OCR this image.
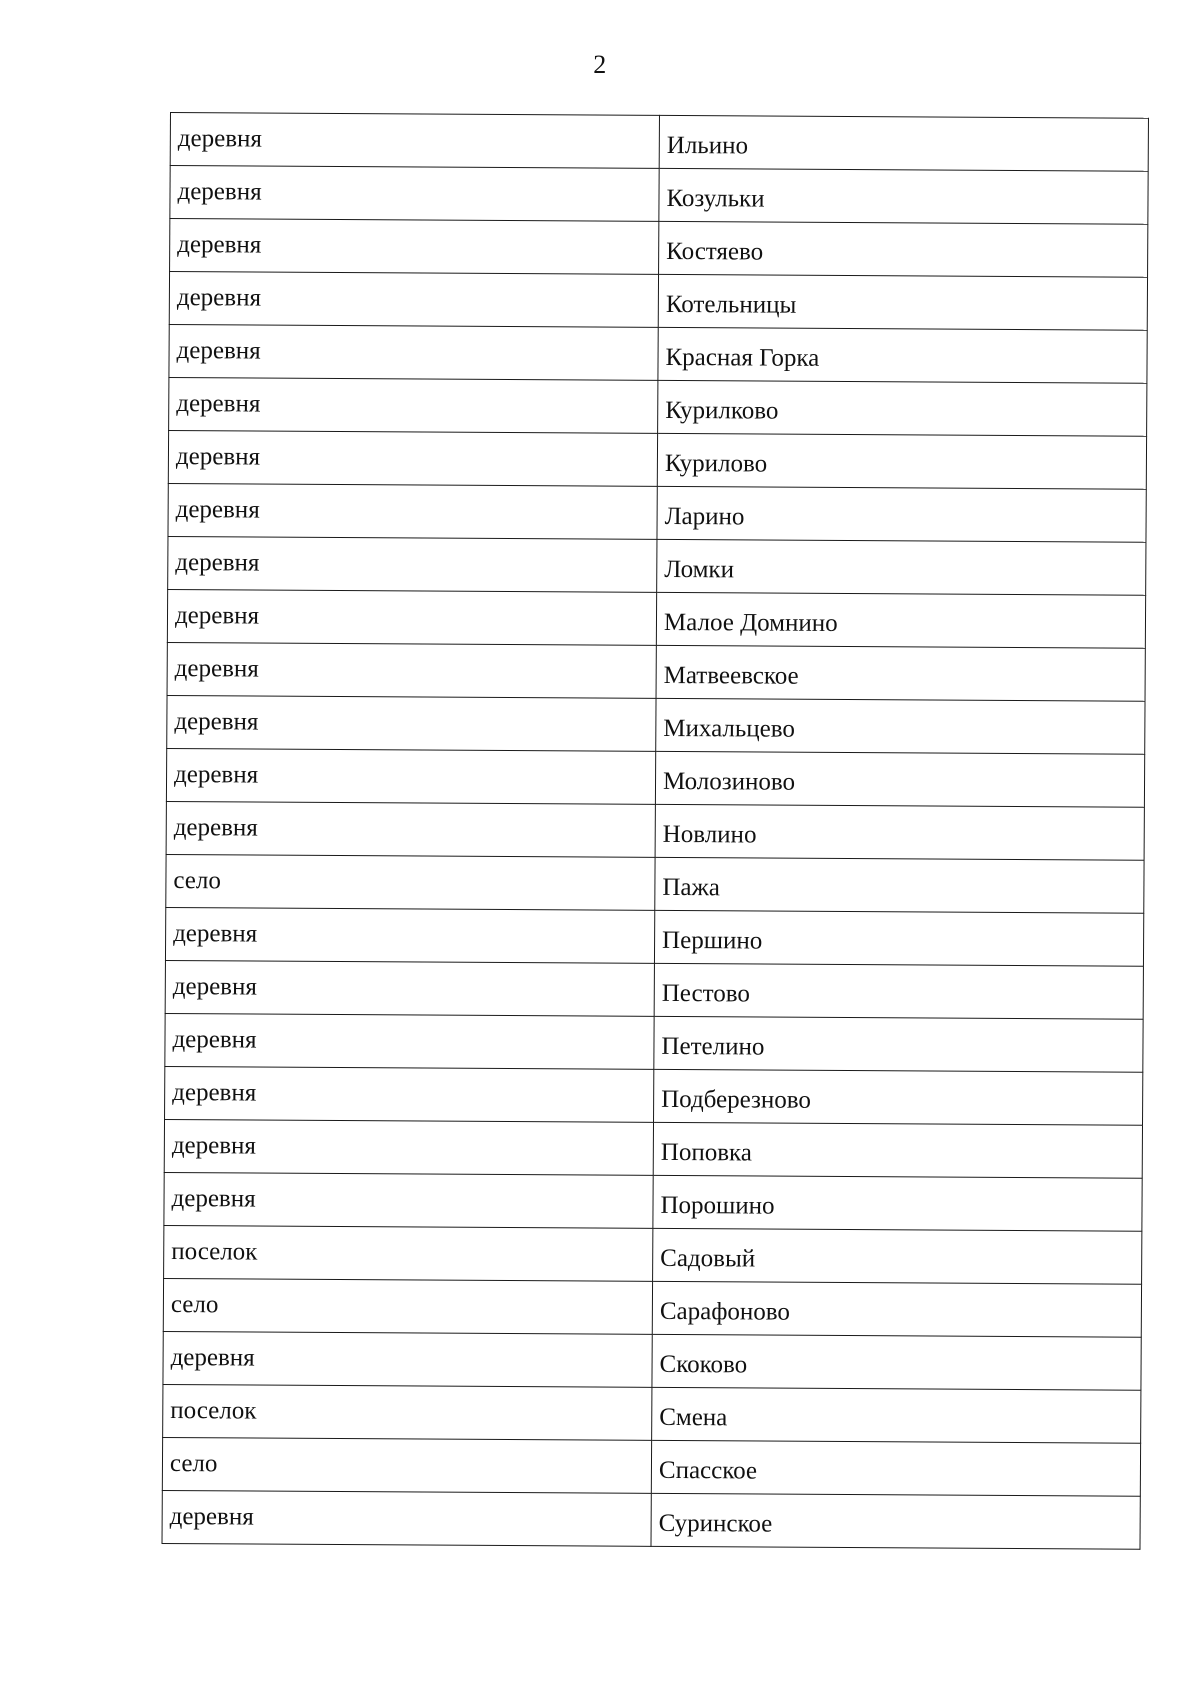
2
деревня	Ильино
деревня	Козульки
деревня	Костяево
деревня	Котельницы
деревня	Красная Горка
деревня	Курилково
деревня	Курилово
деревня	Ларино
деревня	Ломки
деревня	Малое Домнино
деревня	Матвеевское
деревня	Михальцево
деревня	Молозиново
деревня	Новлино
село	Пажа
деревня	Першино
деревня	Пестово
деревня	Петелино
деревня	Подберезново
деревня	Поповка
деревня	Порошино
поселок	Садовый
село	Сарафоново
деревня	Скоково
поселок	Смена
село	Спасское
деревня	Суринское
